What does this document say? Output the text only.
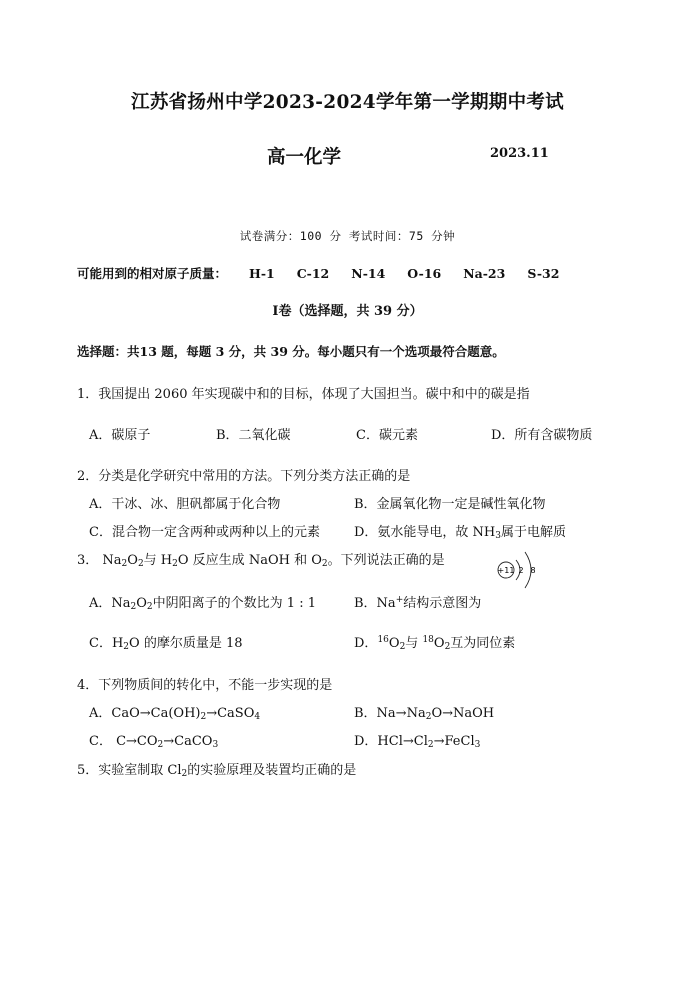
江苏省扬州中学2023-2024学年第一学期期中考试
高一化学	2023.11
试卷满分：100 分 考试时间：75 分钟
可能用到的相对原子质量： H-1 C-12 N-14 O-16 Na-23 S-32
Ⅰ卷（选择题，共 39 分）
选择题：共13 题，每题 3 分，共 39 分。每小题只有一个选项最符合题意。
1．我国提出 2060 年实现碳中和的目标，体现了大国担当。碳中和中的碳是指
A．碳原子	B．二氧化碳	C．碳元素	D．所有含碳物质
2．分类是化学研究中常用的方法。下列分类方法正确的是
A．干冰、冰、胆矾都属于化合物	B．金属氧化物一定是碱性氧化物
C．混合物一定含两种或两种以上的元素	D．氨水能导电，故 $NH_3$属于电解质
3． $Na_2O_2$与 $H_2O$ 反应生成 NaOH 和 $O_2$。下列说法正确的是
+11 2 8
A．$Na_2O_2$中阴阳离子的个数比为 1 : 1	B．Na+结构示意图为
C．$H_2O$ 的摩尔质量是 18	D．$^{16}O_2$与 $^{18}O_2$互为同位素
4．下列物质间的转化中，不能一步实现的是
A．$CaO\to Ca(OH)_2\to CaSO_4$	B．$Na\to Na_2O\to NaOH$
C． $C\to CO_2\to CaCO_3$	D．$HCl\to Cl_2\to FeCl_3$
5．实验室制取 $Cl_2$的实验原理及装置均正确的是
